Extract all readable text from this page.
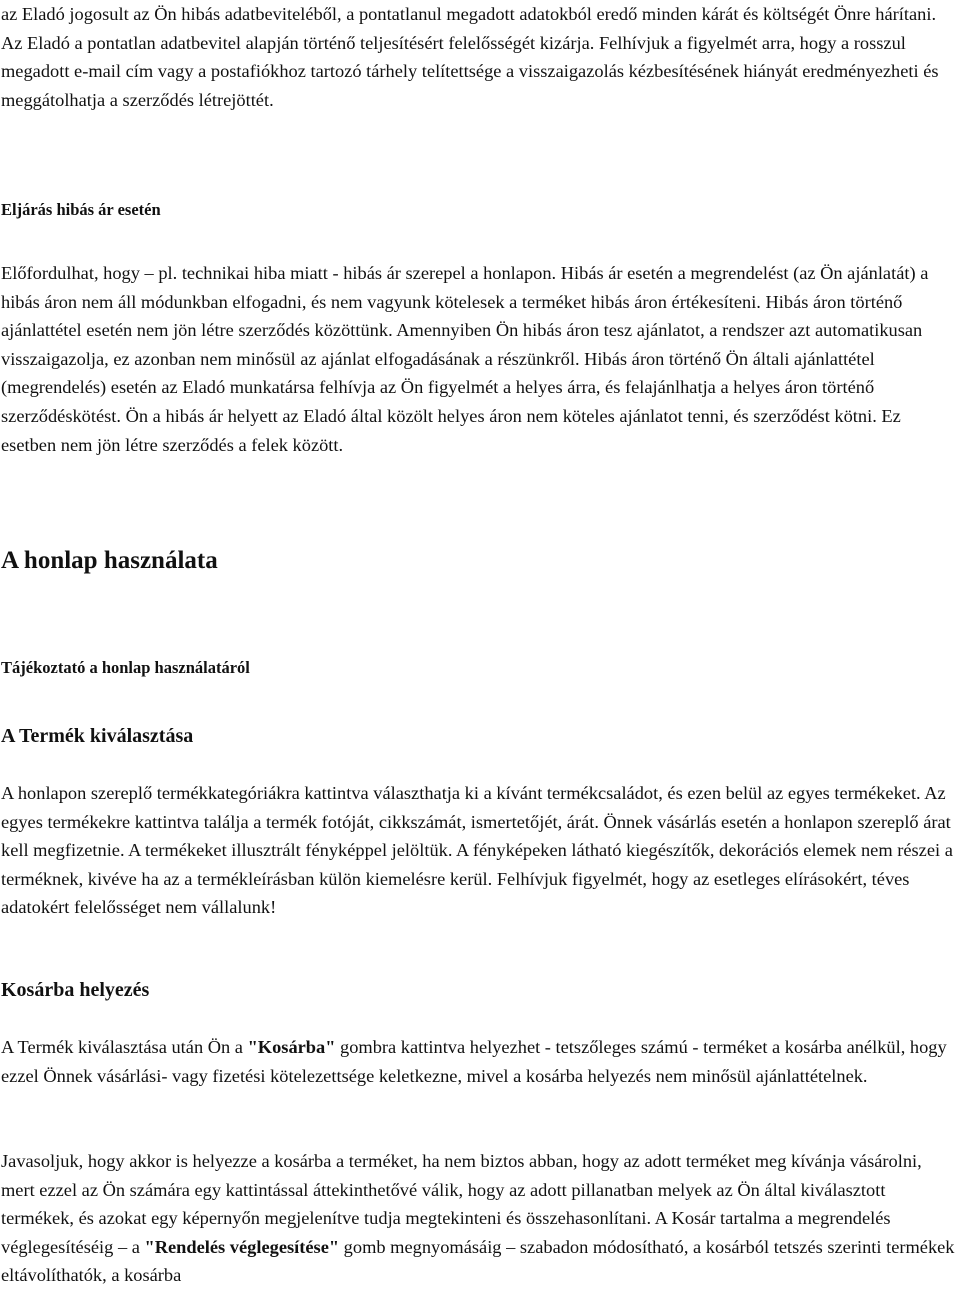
az Eladó jogosult az Ön hibás adatbeviteléből, a pontatlanul megadott adatokból eredő minden kárát és költségét Önre hárítani. Az Eladó a pontatlan adatbevitel alapján történő teljesítésért felelősségét kizárja. Felhívjuk a figyelmét arra, hogy a rosszul megadott e-mail cím vagy a postafiókhoz tartozó tárhely telítettsége a visszaigazolás kézbesítésének hiányát eredményezheti és meggátolhatja a szerződés létrejöttét.

Eljárás hibás ár esetén

Előfordulhat, hogy – pl. technikai hiba miatt - hibás ár szerepel a honlapon. Hibás ár esetén a megrendelést (az Ön ajánlatát) a hibás áron nem áll módunkban elfogadni, és nem vagyunk kötelesek a terméket hibás áron értékesíteni. Hibás áron történő ajánlattétel esetén nem jön létre szerződés közöttünk. Amennyiben Ön hibás áron tesz ajánlatot, a rendszer azt automatikusan visszaigazolja, ez azonban nem minősül az ajánlat elfogadásának a részünkről. Hibás áron történő Ön általi ajánlattétel (megrendelés) esetén az Eladó munkatársa felhívja az Ön figyelmét a helyes árra, és felajánlhatja a helyes áron történő szerződéskötést. Ön a hibás ár helyett az Eladó által közölt helyes áron nem köteles ajánlatot tenni, és szerződést kötni. Ez esetben nem jön létre szerződés a felek között.

A honlap használata
Tájékoztató a honlap használatáról
A Termék kiválasztása

A honlapon szereplő termékkategóriákra kattintva választhatja ki a kívánt termékcsaládot, és ezen belül az egyes termékeket. Az egyes termékekre kattintva találja a termék fotóját, cikkszámát, ismertetőjét, árát. Önnek vásárlás esetén a honlapon szereplő árat kell megfizetnie. A termékeket illusztrált fényképpel jelöltük. A fényképeken látható kiegészítők, dekorációs elemek nem részei a terméknek, kivéve ha az a termékleírásban külön kiemelésre kerül. Felhívjuk figyelmét, hogy az esetleges elírásokért, téves adatokért felelősséget nem vállalunk!

Kosárba helyezés

A Termék kiválasztása után Ön a "Kosárba" gombra kattintva helyezhet - tetszőleges számú - terméket a kosárba anélkül, hogy ezzel Önnek vásárlási- vagy fizetési kötelezettsége keletkezne, mivel a kosárba helyezés nem minősül ajánlattételnek.

Javasoljuk, hogy akkor is helyezze a kosárba a terméket, ha nem biztos abban, hogy az adott terméket meg kívánja vásárolni, mert ezzel az Ön számára egy kattintással áttekinthetővé válik, hogy az adott pillanatban melyek az Ön által kiválasztott termékek, és azokat egy képernyőn megjelenítve tudja megtekinteni és összehasonlítani. A Kosár tartalma a megrendelés véglegesítéséig – a "Rendelés véglegesítése" gomb megnyomásáig – szabadon módosítható, a kosárból tetszés szerinti termékek eltávolíthatók, a kosárba
